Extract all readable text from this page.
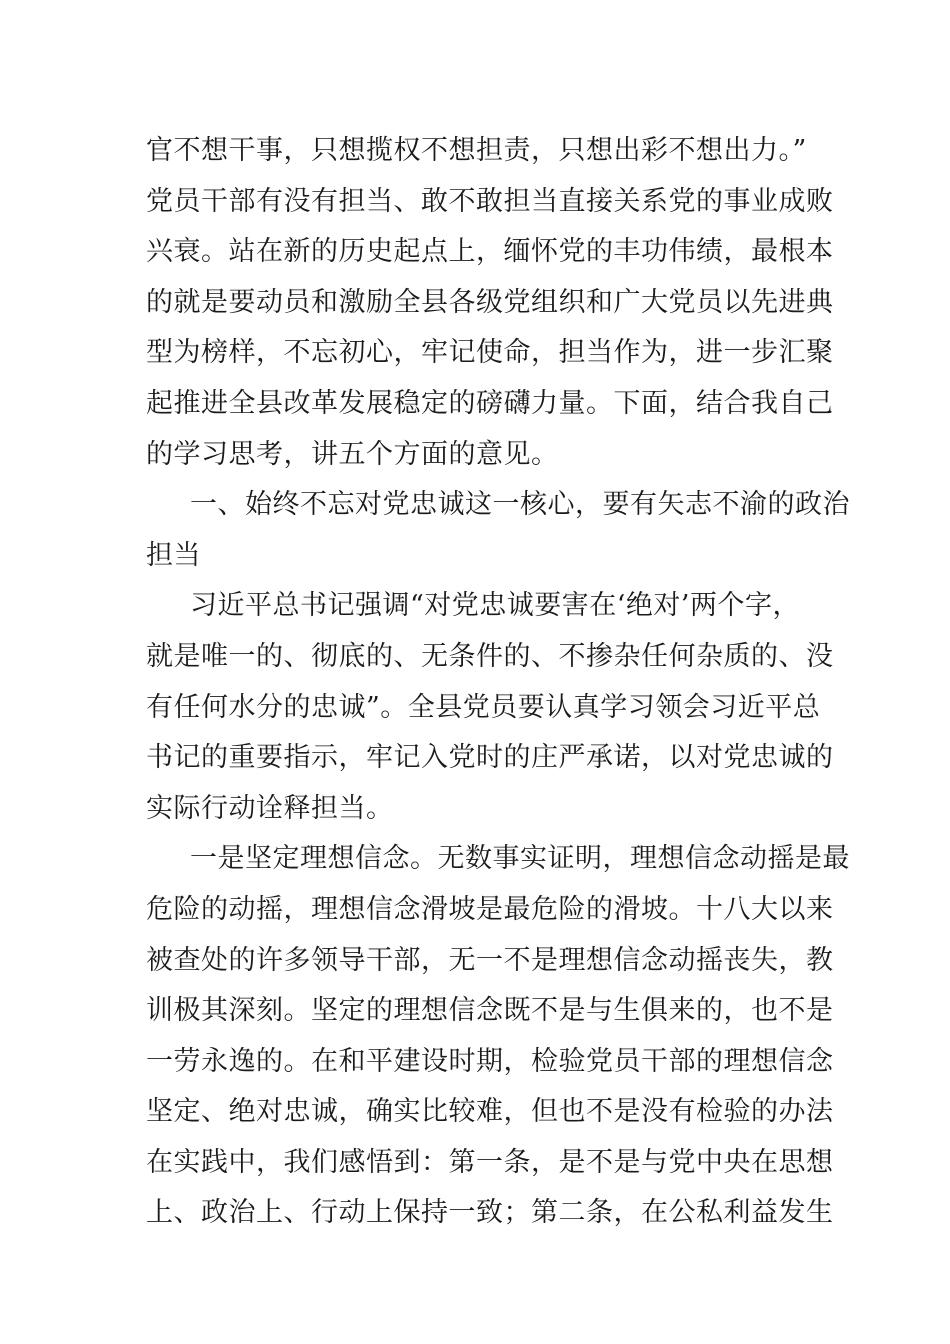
官不想干事，只想揽权不想担责，只想出彩不想出力。”
党员干部有没有担当、敢不敢担当直接关系党的事业成败
兴衰。站在新的历史起点上，缅怀党的丰功伟绩，最根本
的就是要动员和激励全县各级党组织和广大党员以先进典
型为榜样，不忘初心，牢记使命，担当作为，进一步汇聚
起推进全县改革发展稳定的磅礴力量。下面，结合我自己
的学习思考，讲五个方面的意见。
一、始终不忘对党忠诚这一核心，要有矢志不渝的政治
担当
习近平总书记强调“对党忠诚要害在‘绝对’两个字，
就是唯一的、彻底的、无条件的、不掺杂任何杂质的、没
有任何水分的忠诚”。全县党员要认真学习领会习近平总
书记的重要指示，牢记入党时的庄严承诺，以对党忠诚的
实际行动诠释担当。
一是坚定理想信念。无数事实证明，理想信念动摇是最
危险的动摇，理想信念滑坡是最危险的滑坡。十八大以来
被查处的许多领导干部，无一不是理想信念动摇丧失，教
训极其深刻。坚定的理想信念既不是与生俱来的，也不是
一劳永逸的。在和平建设时期，检验党员干部的理想信念
坚定、绝对忠诚，确实比较难，但也不是没有检验的办法
在实践中，我们感悟到：第一条，是不是与党中央在思想
上、政治上、行动上保持一致；第二条，在公私利益发生
